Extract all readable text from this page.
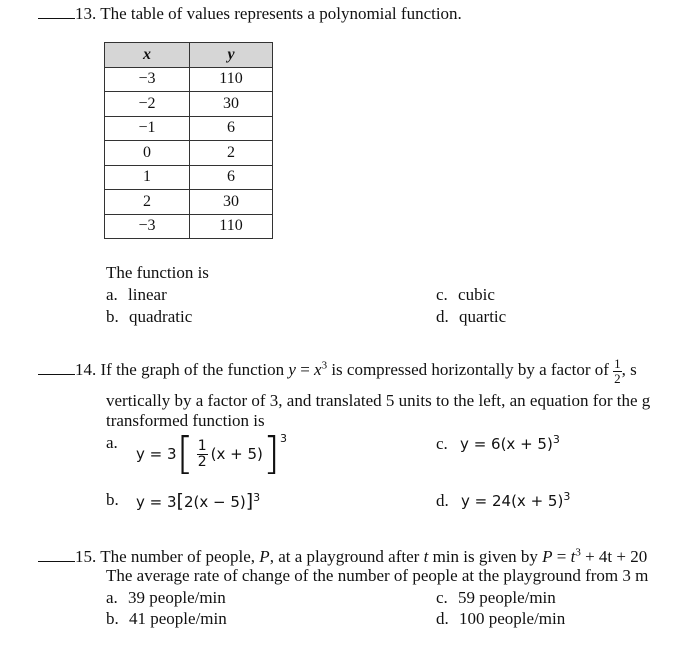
13. The table of values represents a polynomial function.
x	y
−3	110
−2	30
−1	6
0	2
1	6
2	30
−3	110
The function is
a. linear
b. quadratic
c. cubic
d. quartic
14. If the graph of the function $y = x^3$ is compressed horizontally by a factor of $\frac{1}{2}$ , s
vertically by a factor of 3, and translated 5 units to the left, an equation for the g
transformed function is
a.
y = 3 [ $\frac{1}{2} (x + 5)$ ]$^3$
b. $y = 3[2(x - 5)]^3$
c. $y = 6(x + 5)^3$
d. $y = 24(x + 5)^3$
15. The number of people, P, at a playground after t min is given by $P = t^3 + 4t + 20$
The average rate of change of the number of people at the playground from 3 m
a. 39 people/min
b. 41 people/min
c. 59 people/min
d. 100 people/min
